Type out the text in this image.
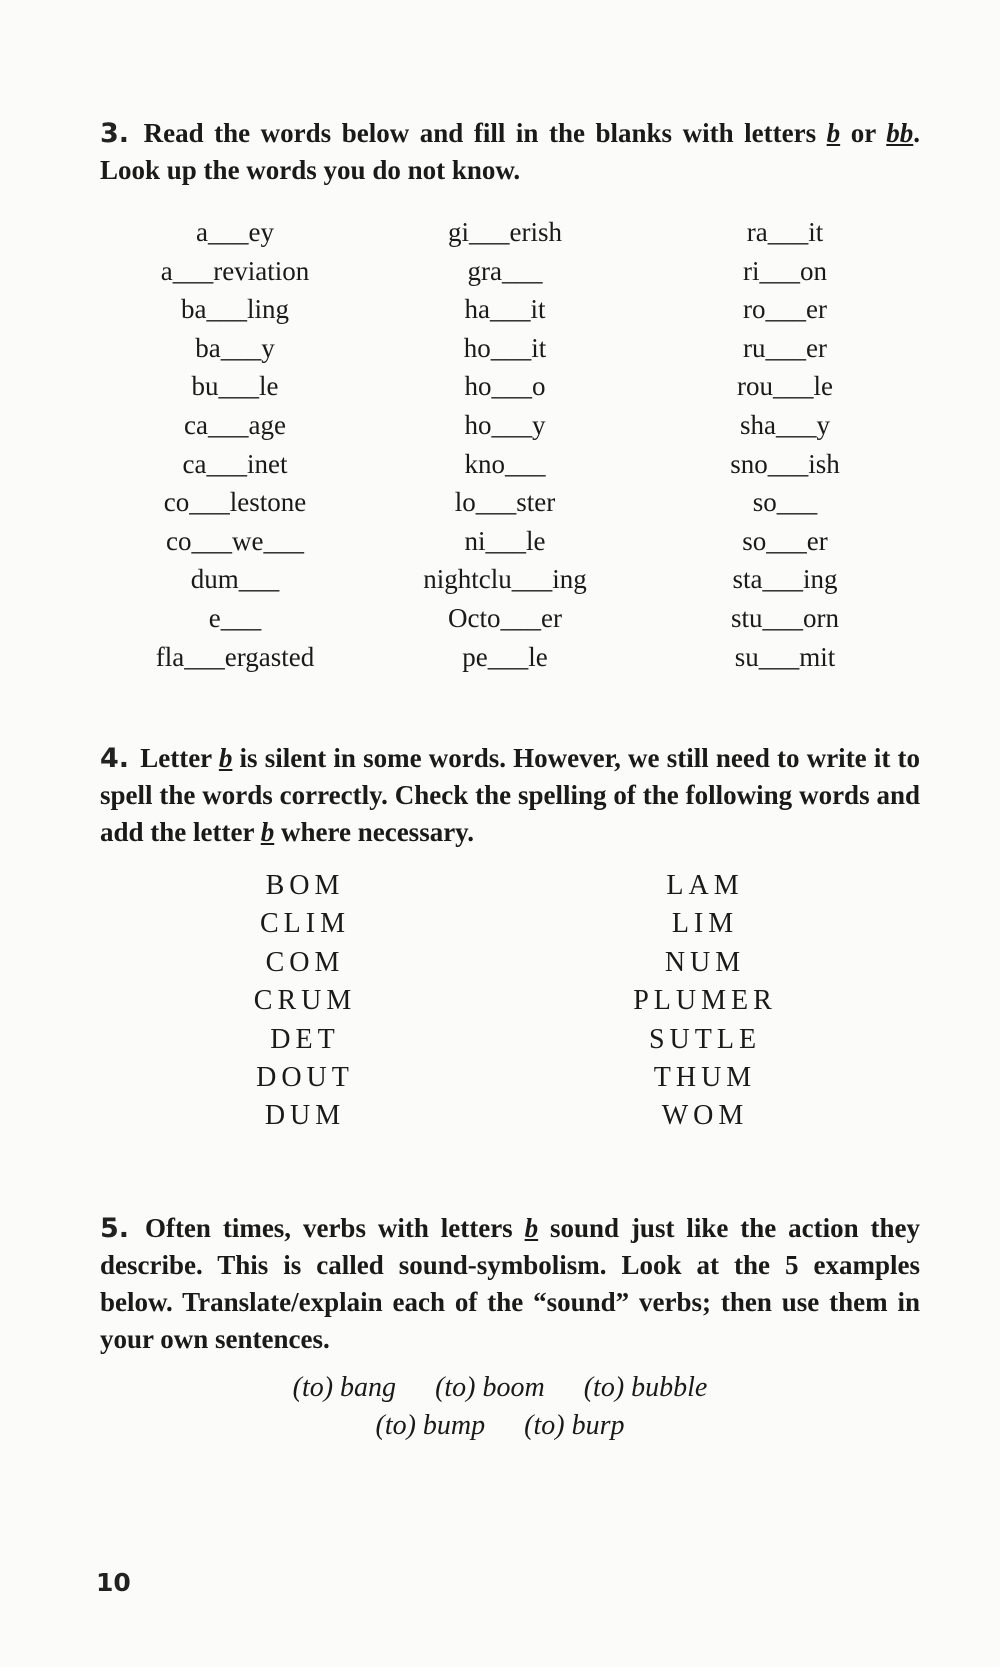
3. Read the words below and fill in the blanks with letters b or bb. Look up the words you do not know.
a___ey
a___reviation
ba___ling
ba___y
bu___le
ca___age
ca___inet
co___lestone
co___we___
dum___
e___
fla___ergasted
gi___erish
gra___
ha___it
ho___it
ho___o
ho___y
kno___
lo___ster
ni___le
nightclu___ing
Octo___er
pe___le
ra___it
ri___on
ro___er
ru___er
rou___le
sha___y
sno___ish
so___
so___er
sta___ing
stu___orn
su___mit
4. Letter b is silent in some words. However, we still need to write it to spell the words correctly. Check the spelling of the following words and add the letter b where necessary.
BOM
CLIM
COM
CRUM
DET
DOUT
DUM
LAM
LIM
NUM
PLUMER
SUTLE
THUM
WOM
5. Often times, verbs with letters b sound just like the action they describe. This is called sound-symbolism. Look at the 5 examples below. Translate/explain each of the “sound” verbs; then use them in your own sentences.
(to) bang (to) boom (to) bubble
(to) bump (to) burp
10
